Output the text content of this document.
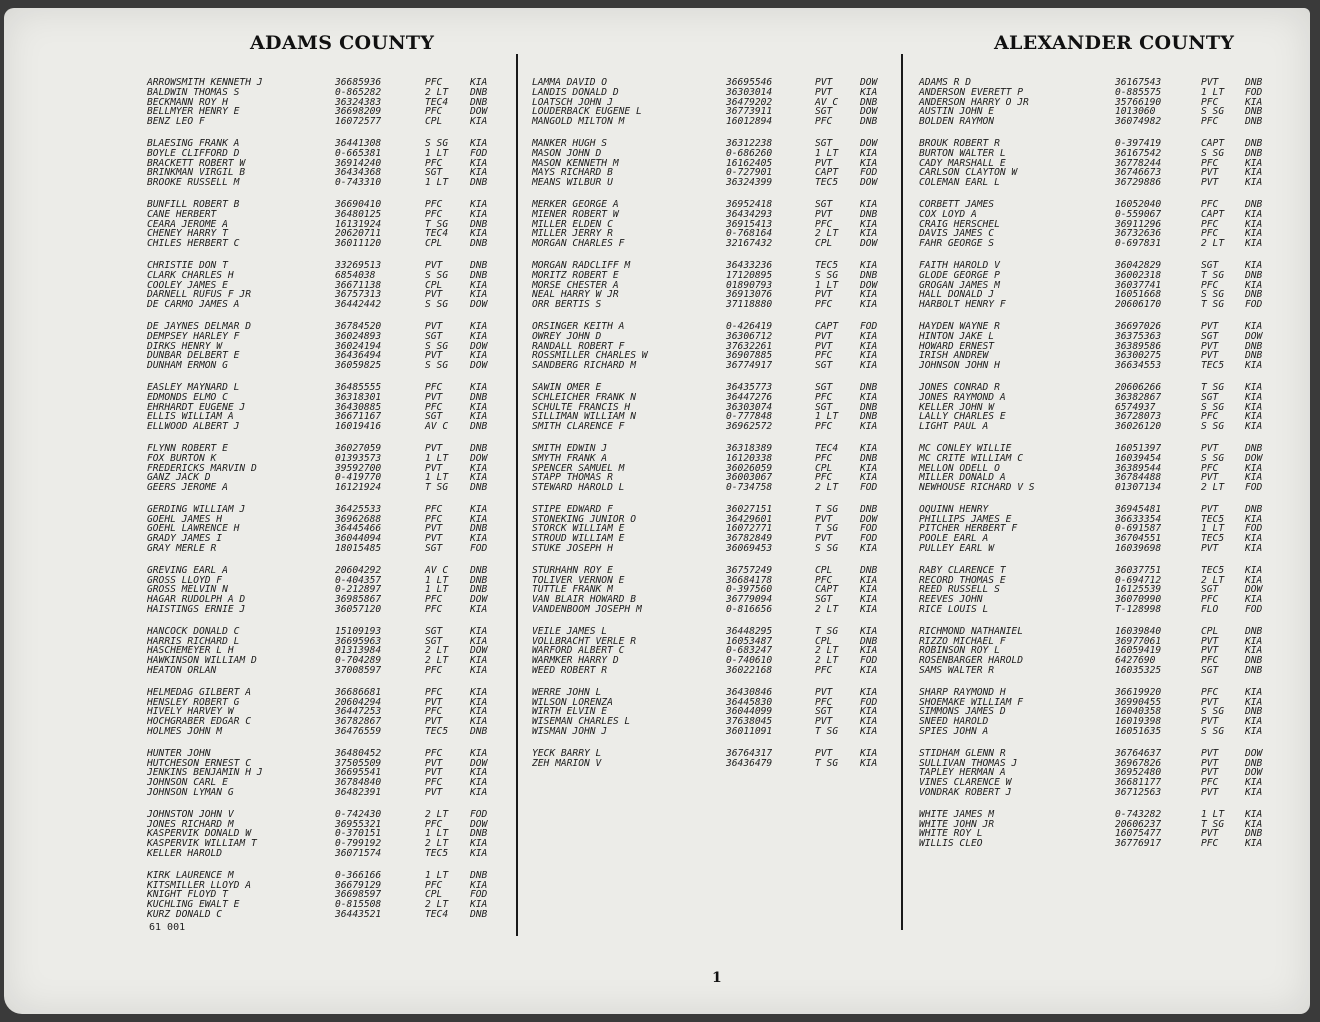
ADAMS COUNTY	ALEXANDER COUNTY
ARROWSMITH KENNETH J	36685936	PFC	KIA
BALDWIN THOMAS S	0-865282	2 LT DNB
BECKMANN ROY H	36324383	TEC4 DNB
BELLMYER HENRY E	36698209	PFC	DOW
BENZ LEO F	16072577	CPL	KIA
BLAESING FRANK A	36441308	S SG KIA
BOYLE CLIFFORD D	0-665381	1 LT FOD
BRACKETT ROBERT W	36914240	PFC	KIA
BRINKMAN VIRGIL B	36434368	SGT	KIA
BROOKE RUSSELL M	0-743310	1 LT DNB
BUNFILL ROBERT B	36690410	PFC	KIA
CANE HERBERT	36480125	PFC	KIA
CEARA JEROME A	16131924	T SG DNB
CHENEY HARRY T	20620711	TEC4 KIA
CHILES HERBERT C	36011120	CPL	DNB
CHRISTIE DON T	33269513	PVT	DNB
CLARK CHARLES H	6854038	S SG DNB
COOLEY JAMES E	36671138	CPL	KIA
DARNELL RUFUS F JR	36757313	PVT	KIA
DE CARMO JAMES A	36442442	S SG DOW
DE JAYNES DELMAR D	36784520	PVT	KIA
DEMPSEY HARLEY F	36024893	SGT	KIA
DIRKS HENRY W	36024194	S SG DOW
DUNBAR DELBERT E	36436494	PVT	KIA
DUNHAM ERMON G	36059825	S SG DOW
EASLEY MAYNARD L	36485555	PFC	KIA
EDMONDS ELMO C	36318301	PVT	DNB
EHRHARDT EUGENE J	36430885	PFC	KIA
ELLIS WILLIAM A	36671167	SGT	KIA
ELLWOOD ALBERT J	16019416	AV C DNB
FLYNN ROBERT E	36027059	PVT	DNB
FOX BURTON K	01393573	1 LT DOW
FREDERICKS MARVIN D	39592700	PVT	KIA
GANZ JACK D	0-419770	1 LT KIA
GEERS JEROME A	16121924	T SG DNB
GERDING WILLIAM J	36425533	PFC	KIA
GOEHL JAMES H	36962688	PFC	KIA
GOEHL LAWRENCE H	36445466	PVT	DNB
GRADY JAMES I	36044094	PVT	KIA
GRAY MERLE R	18015485	SGT	FOD
GREVING EARL A	20604292	AV C DNB
GROSS LLOYD F	0-404357	1 LT DNB
GROSS MELVIN N	0-212897	1 LT DNB
HAGAR RUDOLPH A D	36985867	PFC	DOW
HAISTINGS ERNIE J	36057120	PFC	KIA
HANCOCK DONALD C	15109193	SGT	KIA
HARRIS RICHARD L	36695963	SGT	KIA
HASCHEMEYER L H	01313984	2 LT DOW
HAWKINSON WILLIAM D	0-704289	2 LT KIA
HEATON ORLAN	37008597	PFC	KIA
HELMEDAG GILBERT A	36686681	PFC	KIA
HENSLEY ROBERT G	20604294	PVT	KIA
HIVELY HARVEY W	36447253	PFC	KIA
HOCHGRABER EDGAR C	36782867	PVT	KIA
HOLMES JOHN M	36476559	TEC5 DNB
HUNTER JOHN	36480452	PFC	KIA
HUTCHESON ERNEST C	37505509	PVT	DOW
JENKINS BENJAMIN H J	36695541	PVT	KIA
JOHNSON CARL E	36784840	PFC	KIA
JOHNSON LYMAN G	36482391	PVT	KIA
JOHNSTON JOHN V	0-742430	2 LT FOD
JONES RICHARD M	36955321	PFC	DOW
KASPERVIK DONALD W	0-370151	1 LT DNB
KASPERVIK WILLIAM T	0-799192	2 LT KIA
KELLER HAROLD	36071574	TEC5 KIA
KIRK LAURENCE M	0-366166	1 LT DNB
KITSMILLER LLOYD A	36679129	PFC	KIA
KNIGHT FLOYD T	36698597	CPL	FOD
KUCHLING EWALT E	0-815508	2 LT KIA
KURZ DONALD C	36443521	TEC4 DNB
LAMMA DAVID O	36695546	PVT	DOW
LANDIS DONALD D	36303014	PVT	KIA
LOATSCH JOHN J	36479202	AV C DNB
LOUDERBACK EUGENE L	36773911	SGT	DOW
MANGOLD MILTON M	16012894	PFC	DNB
MANKER HUGH S	36312238	SGT	DOW
MASON JOHN D	0-686260	1 LT KIA
MASON KENNETH M	16162405	PVT	KIA
MAYS RICHARD B	0-727901	CAPT FOD
MEANS WILBUR U	36324399	TEC5 DOW
MERKER GEORGE A	36952418	SGT	KIA
MIENER ROBERT W	36434293	PVT	DNB
MILLER ELDEN C	36915413	PFC	KIA
MILLER JERRY R	0-768164	2 LT KIA
MORGAN CHARLES F	32167432	CPL	DOW
MORGAN RADCLIFF M	36433236	TEC5 KIA
MORITZ ROBERT E	17120895	S SG DNB
MORSE CHESTER A	01890793	1 LT DOW
NEAL HARRY W JR	36913076	PVT	KIA
ORR BERTIS S	37118880	PFC	KIA
ORSINGER KEITH A	0-426419	CAPT FOD
OWREY JOHN D	36306712	PVT	KIA
RANDALL ROBERT F	37632261	PVT	KIA
ROSSMILLER CHARLES W	36907885	PFC	KIA
SANDBERG RICHARD M	36774917	SGT	KIA
SAWIN OMER E	36435773	SGT	DNB
SCHLEICHER FRANK N	36447276	PFC	KIA
SCHULTE FRANCIS H	36303074	SGT	DNB
SILLIMAN WILLIAM N	0-777848	1 LT DNB
SMITH CLARENCE F	36962572	PFC	KIA
SMITH EDWIN J	36318389	TEC4 KIA
SMYTH FRANK A	16120338	PFC	DNB
SPENCER SAMUEL M	36026059	CPL	KIA
STAPP THOMAS R	36003067	PFC	KIA
STEWARD HAROLD L	0-734758	2 LT FOD
STIPE EDWARD F	36027151	T SG DNB
STONEKING JUNIOR O	36429601	PVT	DOW
STORCK WILLIAM E	16072771	T SG FOD
STROUD WILLIAM E	36782849	PVT	FOD
STUKE JOSEPH H	36069453	S SG KIA
STURHAHN ROY E	36757249	CPL	DNB
TOLIVER VERNON E	36684178	PFC	KIA
TUTTLE FRANK M	0-397560	CAPT KIA
VAN BLAIR HOWARD B	36779094	SGT	KIA
VANDENBOOM JOSEPH M	0-816656	2 LT KIA
VEILE JAMES L	36448295	T SG KIA
VOLLBRACHT VERLE R	16053487	CPL	DNB
WARFORD ALBERT C	0-683247	2 LT KIA
WARMKER HARRY D	0-740610	2 LT FOD
WEED ROBERT R	36022168	PFC	KIA
WERRE JOHN L	36430846	PVT	KIA
WILSON LORENZA	36445830	PFC	FOD
WIRTH ELVIN E	36044099	SGT	KIA
WISEMAN CHARLES L	37638045	PVT	KIA
WISMAN JOHN J	36011091	T SG KIA
YECK BARRY L	36764317	PVT	KIA
ZEH MARION V	36436479	T SG KIA
ADAMS R D	36167543	PVT	DNB
ANDERSON EVERETT P	0-885575	1 LT FOD
ANDERSON HARRY O JR	35766190	PFC	KIA
AUSTIN JOHN E	1013060	S SG DNB
BOLDEN RAYMON	36074982	PFC	DNB
BROUK ROBERT R	0-397419	CAPT DNB
BURTON WALTER L	36167542	S SG DNB
CADY MARSHALL E	36778244	PFC	KIA
CARLSON CLAYTON W	36746673	PVT	KIA
COLEMAN EARL L	36729886	PVT	KIA
CORBETT JAMES	16052040	PFC	DNB
COX LOYD A	0-559067	CAPT KIA
CRAIG HERSCHEL	36911296	PFC	KIA
DAVIS JAMES C	36732636	PFC	KIA
FAHR GEORGE S	0-697831	2 LT KIA
FAITH HAROLD V	36042829	SGT	KIA
GLODE GEORGE P	36002318	T SG DNB
GROGAN JAMES M	36037741	PFC	KIA
HALL DONALD J	16051668	S SG DNB
HARBOLT HENRY F	20606170	T SG FOD
HAYDEN WAYNE R	36697026	PVT	KIA
HINTON JAKE L	36375363	SGT	DOW
HOWARD ERNEST	36389586	PVT	DNB
IRISH ANDREW	36300275	PVT	DNB
JOHNSON JOHN H	36634553	TEC5 KIA
JONES CONRAD R	20606266	T SG KIA
JONES RAYMOND A	36382867	SGT	KIA
KELLER JOHN W	6574937	S SG KIA
LALLY CHARLES E	36728073	PFC	KIA
LIGHT PAUL A	36026120	S SG KIA
MC CONLEY WILLIE	16051397	PVT	DNB
MC CRITE WILLIAM C	16039454	S SG DOW
MELLON ODELL O	36389544	PFC	KIA
MILLER DONALD A	36784488	PVT	KIA
NEWHOUSE RICHARD V S	01307134	2 LT FOD
OQUINN HENRY	36945481	PVT	DNB
PHILLIPS JAMES E	36633354	TEC5 KIA
PITCHER HERBERT F	0-691587	1 LT FOD
POOLE EARL A	36704551	TEC5 KIA
PULLEY EARL W	16039698	PVT	KIA
RABY CLARENCE T	36037751	TEC5 KIA
RECORD THOMAS E	0-694712	2 LT KIA
REED RUSSELL S	16125539	SGT	DOW
REEVES JOHN	36070990	PFC	KIA
RICE LOUIS L	T-128998	FLO	FOD
RICHMOND NATHANIEL	16039840	CPL	DNB
RIZZO MICHAEL F	36977061	PVT	KIA
ROBINSON ROY L	16059419	PVT	KIA
ROSENBARGER HAROLD	6427690	PFC	DNB
SAMS WALTER R	16035325	SGT	DNB
SHARP RAYMOND H	36619920	PFC	KIA
SHOEMAKE WILLIAM F	36990455	PVT	KIA
SIMMONS JAMES D	16040358	S SG DNB
SNEED HAROLD	16019398	PVT	KIA
SPIES JOHN A	16051635	S SG KIA
STIDHAM GLENN R	36764637	PVT	DOW
SULLIVAN THOMAS J	36967826	PVT	DNB
TAPLEY HERMAN A	36952480	PVT	DOW
VINES CLARENCE W	36681177	PFC	KIA
VONDRAK ROBERT J	36712563	PVT	KIA
WHITE JAMES M	0-743282	1 LT KIA
WHITE JOHN JR	20606237	T SG KIA
WHITE ROY L	16075477	PVT	DNB
WILLIS CLEO	36776917	PFC	KIA
61 001
1
